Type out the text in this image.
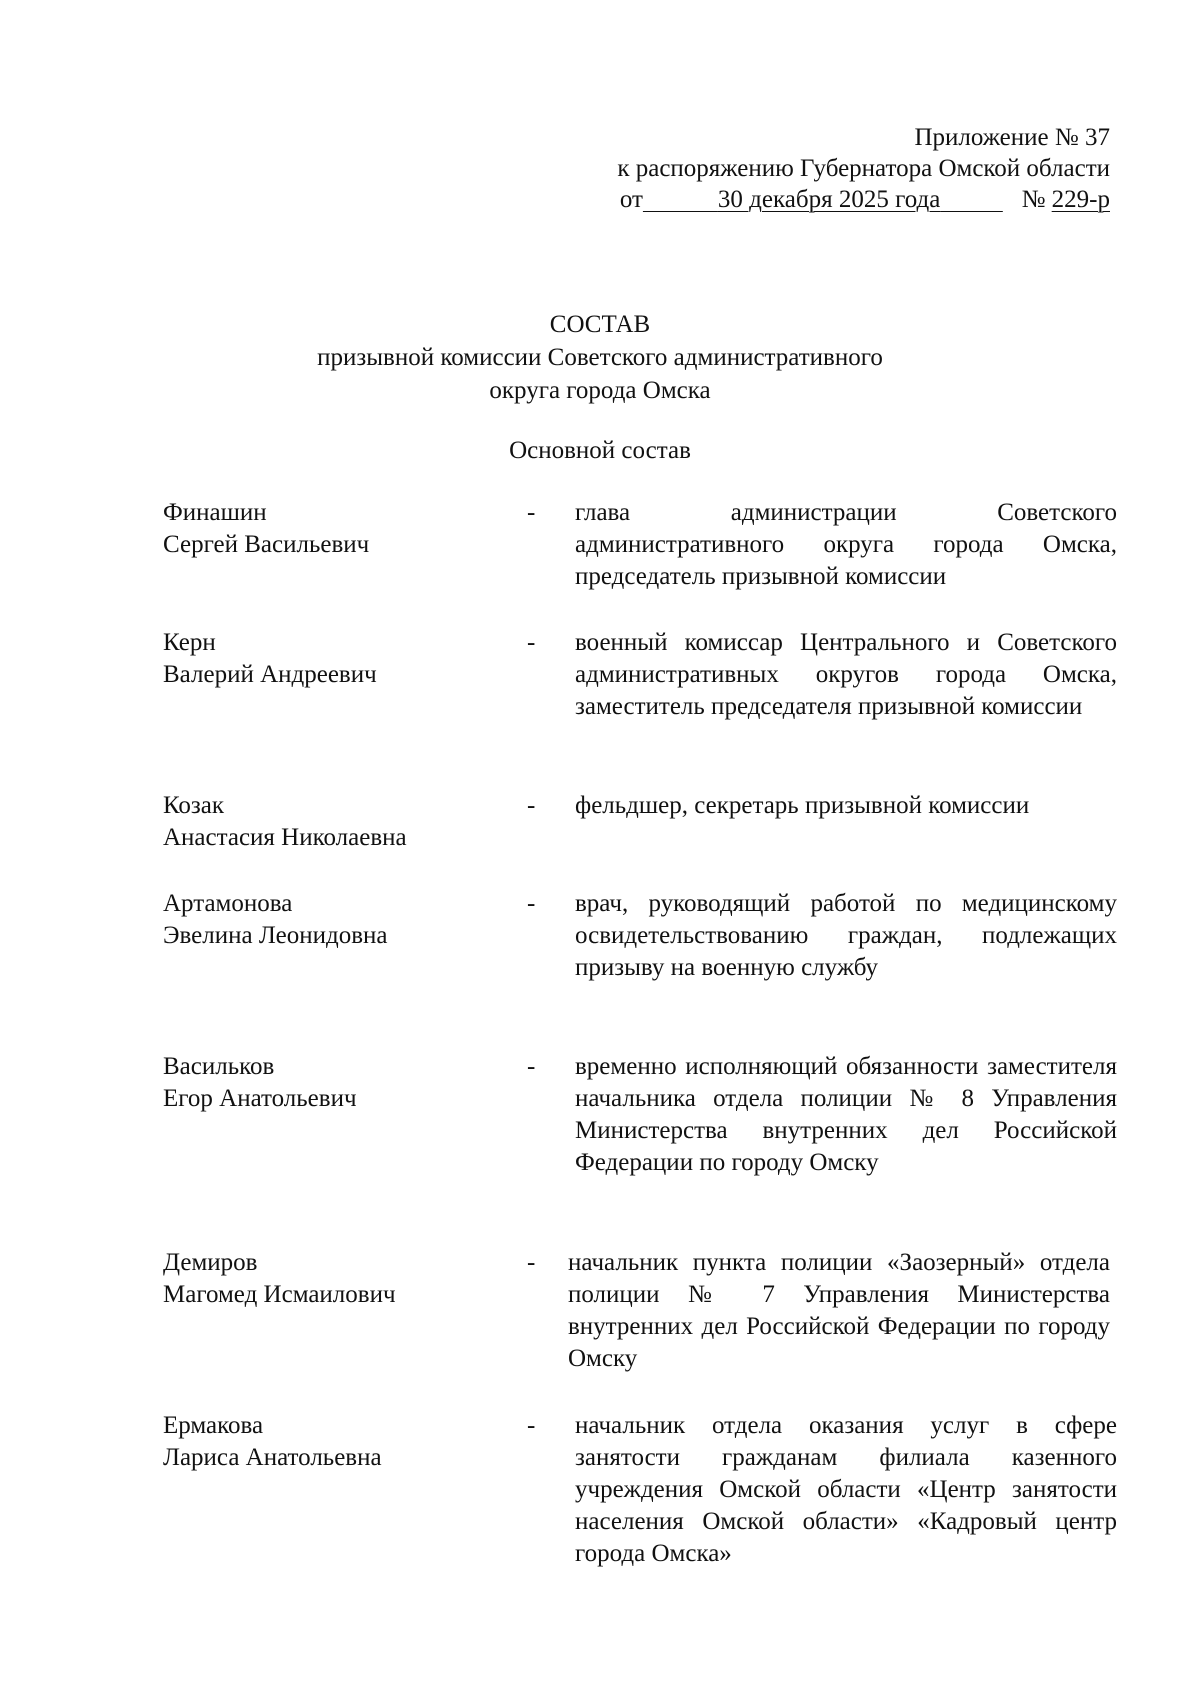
Приложение № 37
к распоряжению Губернатора Омской области
от	30 декабря 2025 года	№ 229-р
СОСТАВ
призывной комиссии Советского административного
округа города Омска
Основной состав
Финашин
Сергей Васильевич
- глава администрации Советского административного округа города Омска, председатель призывной комиссии
Керн
Валерий Андреевич
- военный комиссар Центрального и Советского административных округов города Омска, заместитель председателя призывной комиссии
Козак
Анастасия Николаевна
- фельдшер, секретарь призывной комиссии
Артамонова
Эвелина Леонидовна
- врач, руководящий работой по медицинскому освидетельствованию граждан, подлежащих призыву на военную службу
Васильков
Егор Анатольевич
- временно исполняющий обязанности заместителя начальника отдела полиции № 8 Управления Министерства внутренних дел Российской Федерации по городу Омску
Демиров
Магомед Исмаилович
- начальник пункта полиции «Заозерный» отдела полиции № 7 Управления Министерства внутренних дел Российской Федерации по городу Омску
Ермакова
Лариса Анатольевна
- начальник отдела оказания услуг в сфере занятости гражданам филиала казенного учреждения Омской области «Центр занятости населения Омской области» «Кадровый центр города Омска»
